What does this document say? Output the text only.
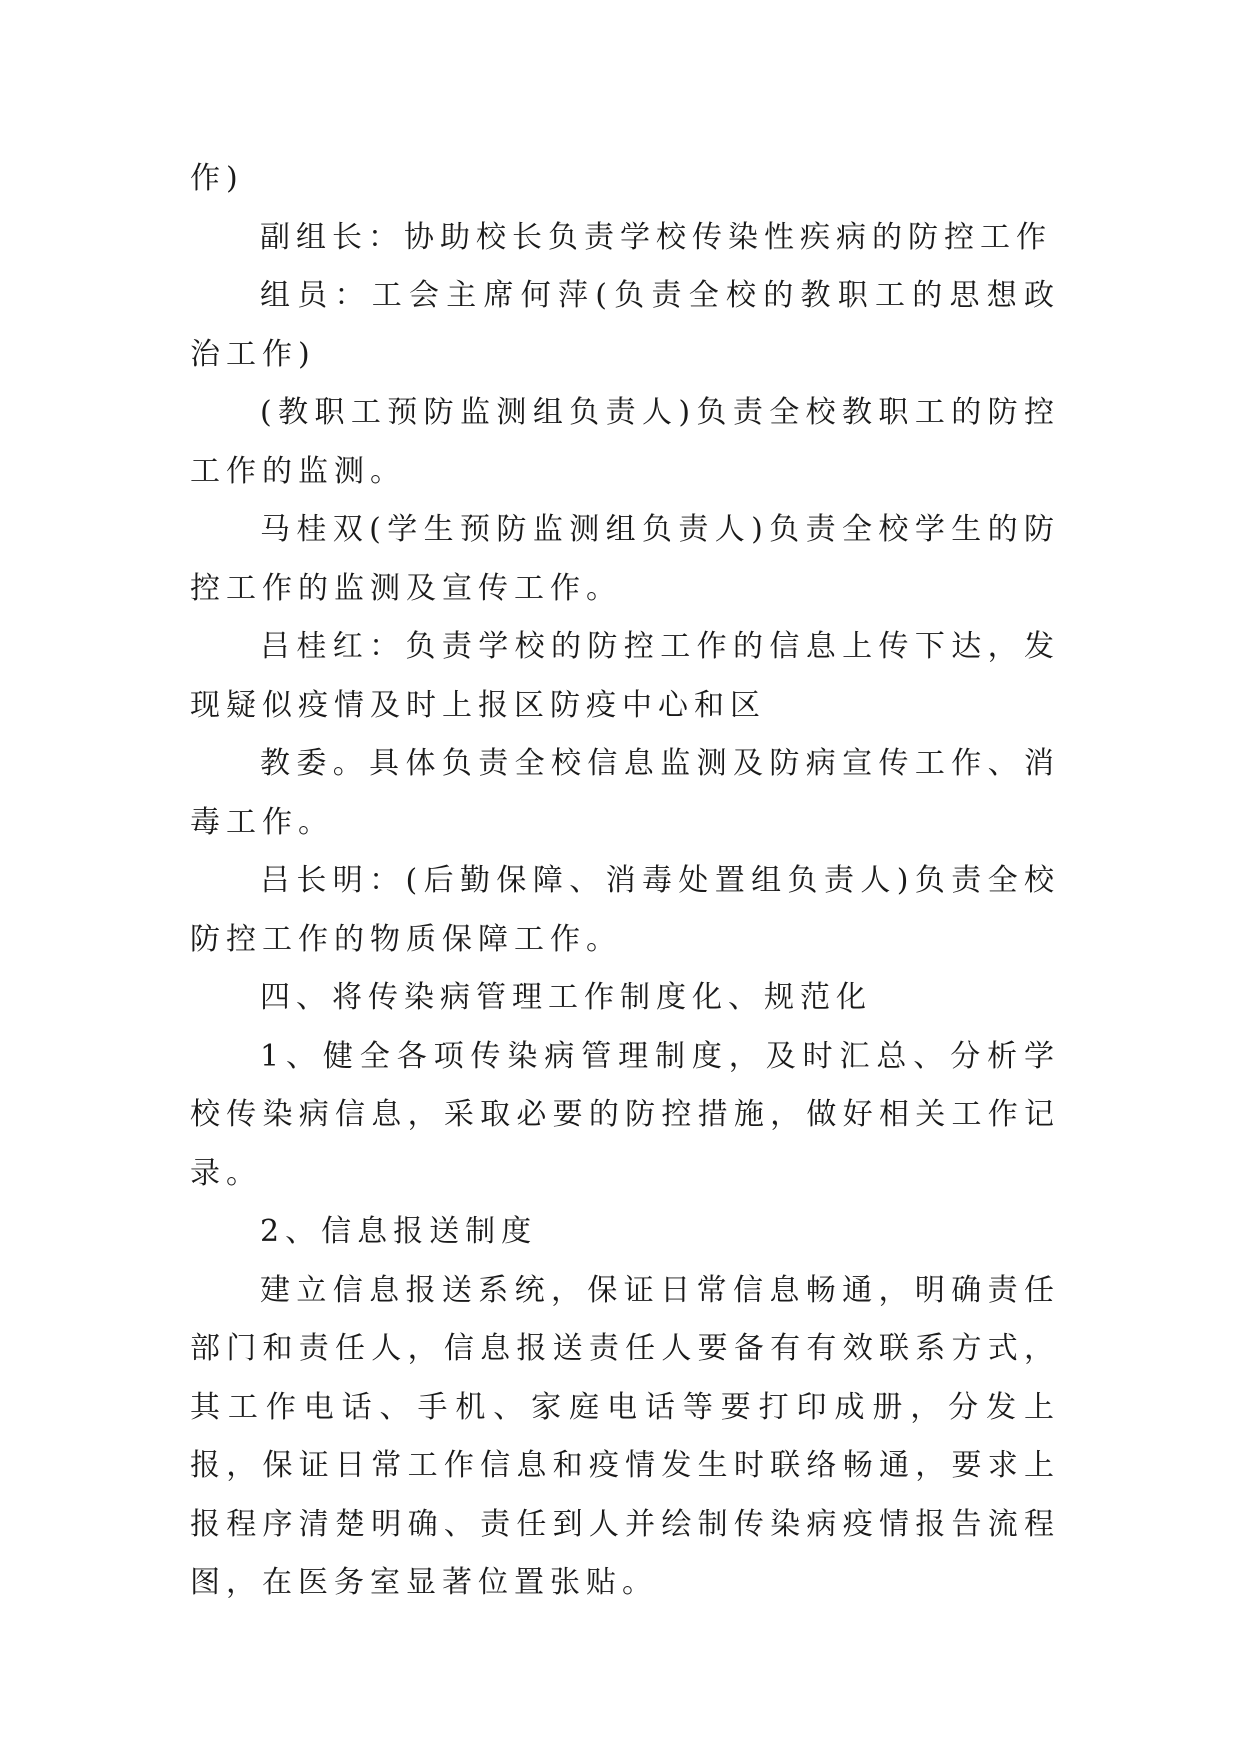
作)

副组长：协助校长负责学校传染性疾病的防控工作

组员：工会主席何萍(负责全校的教职工的思想政治工作)

(教职工预防监测组负责人)负责全校教职工的防控工作的监测。

马桂双(学生预防监测组负责人)负责全校学生的防控工作的监测及宣传工作。

吕桂红：负责学校的防控工作的信息上传下达，发现疑似疫情及时上报区防疫中心和区

教委。具体负责全校信息监测及防病宣传工作、消毒工作。

吕长明：(后勤保障、消毒处置组负责人)负责全校防控工作的物质保障工作。

四、将传染病管理工作制度化、规范化

1、健全各项传染病管理制度，及时汇总、分析学校传染病信息，采取必要的防控措施，做好相关工作记录。

2、信息报送制度

建立信息报送系统，保证日常信息畅通，明确责任部门和责任人，信息报送责任人要备有有效联系方式，其工作电话、手机、家庭电话等要打印成册，分发上报，保证日常工作信息和疫情发生时联络畅通，要求上报程序清楚明确、责任到人并绘制传染病疫情报告流程图，在医务室显著位置张贴。
